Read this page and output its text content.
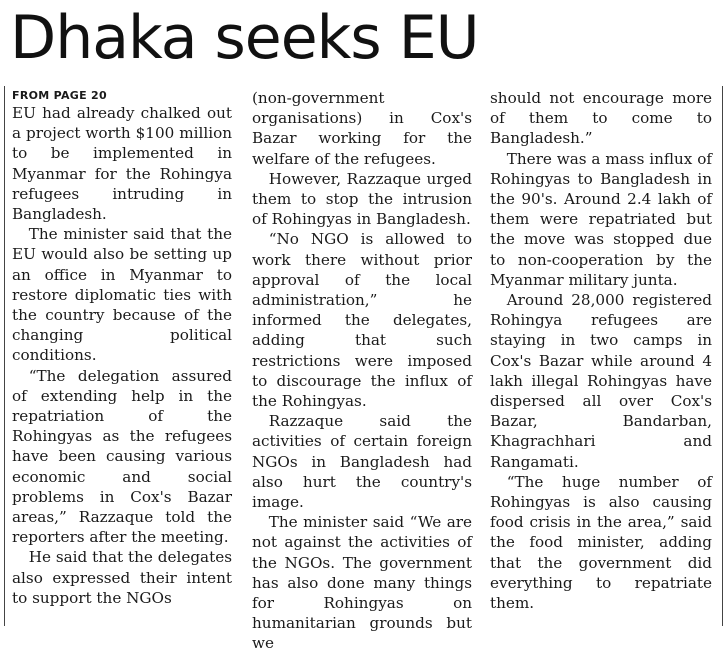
Dhaka seeks EU
FROM PAGE 20

EU had already chalked out a project worth $100 million to be implemented in Myanmar for the Rohingya refugees intruding in Bangladesh.

The minister said that the EU would also be setting up an office in Myanmar to restore diplomatic ties with the country because of the changing political conditions.

“The delegation assured of extending help in the repatriation of the Rohingyas as the refugees have been causing various economic and social problems in Cox's Bazar areas,” Razzaque told the reporters after the meeting.

He said that the delegates also expressed their intent to support the NGOs

(non-government organisations) in Cox's Bazar working for the welfare of the refugees.

However, Razzaque urged them to stop the intrusion of Rohingyas in Bangladesh.

“No NGO is allowed to work there without prior approval of the local administration,” he informed the delegates, adding that such restrictions were imposed to discourage the influx of the Rohingyas.

Razzaque said the activities of certain foreign NGOs in Bangladesh had also hurt the country's image.

The minister said “We are not against the activities of the NGOs. The government has also done many things for Rohingyas on humanitarian grounds but we

should not encourage more of them to come to Bangladesh.”

There was a mass influx of Rohingyas to Bangladesh in the 90's. Around 2.4 lakh of them were repatriated but the move was stopped due to non-cooperation by the Myanmar military junta.

Around 28,000 registered Rohingya refugees are staying in two camps in Cox's Bazar while around 4 lakh illegal Rohingyas have dispersed all over Cox's Bazar, Bandarban, Khagrachhari and Rangamati.

“The huge number of Rohingyas is also causing food crisis in the area,” said the food minister, adding that the government did everything to repatriate them.
